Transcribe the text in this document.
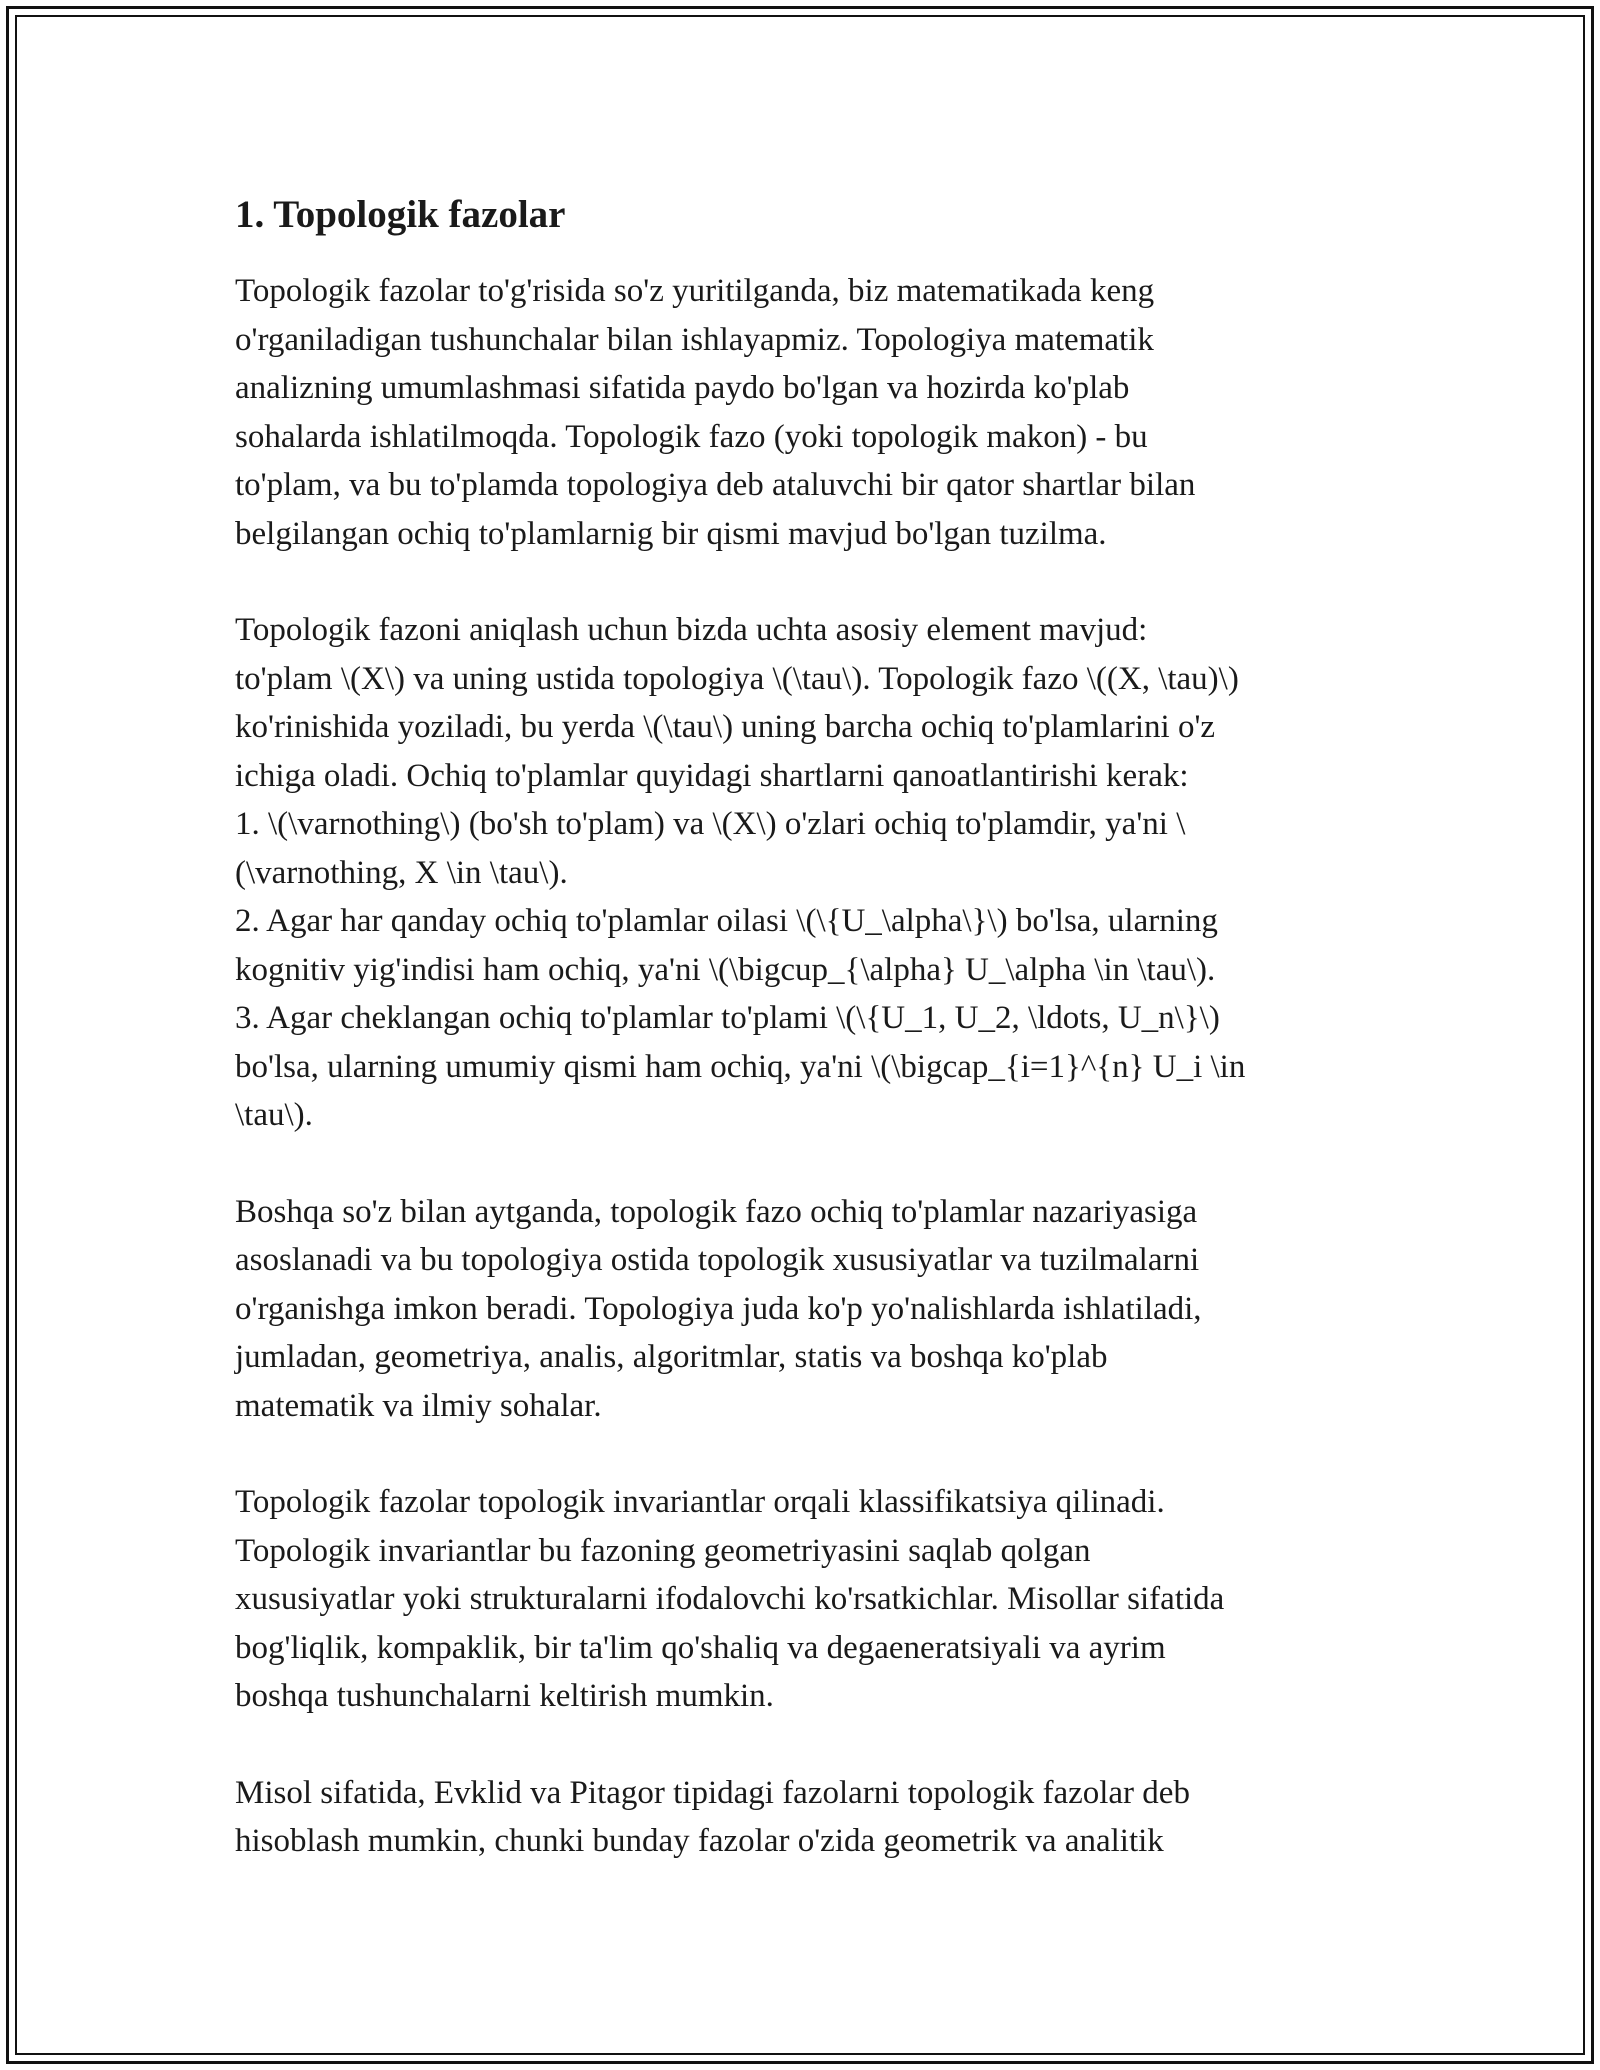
1. Topologik fazolar

Topologik fazolar to'g'risida so'z yuritilganda, biz matematikada keng
o'rganiladigan tushunchalar bilan ishlayapmiz. Topologiya matematik
analizning umumlashmasi sifatida paydo bo'lgan va hozirda ko'plab
sohalarda ishlatilmoqda. Topologik fazo (yoki topologik makon) - bu
to'plam, va bu to'plamda topologiya deb ataluvchi bir qator shartlar bilan
belgilangan ochiq to'plamlarnig bir qismi mavjud bo'lgan tuzilma.

Topologik fazoni aniqlash uchun bizda uchta asosiy element mavjud:
to'plam \(X\) va uning ustida topologiya \(\tau\). Topologik fazo \((X, \tau)\)
ko'rinishida yoziladi, bu yerda \(\tau\) uning barcha ochiq to'plamlarini o'z
ichiga oladi. Ochiq to'plamlar quyidagi shartlarni qanoatlantirishi kerak:
1. \(\varnothing\) (bo'sh to'plam) va \(X\) o'zlari ochiq to'plamdir, ya'ni \
(\varnothing, X \in \tau\).
2. Agar har qanday ochiq to'plamlar oilasi \(\{U_\alpha\}\) bo'lsa, ularning
kognitiv yig'indisi ham ochiq, ya'ni \(\bigcup_{\alpha} U_\alpha \in \tau\).
3. Agar cheklangan ochiq to'plamlar to'plami \(\{U_1, U_2, \ldots, U_n\}\)
bo'lsa, ularning umumiy qismi ham ochiq, ya'ni \(\bigcap_{i=1}^{n} U_i \in
\tau\).

Boshqa so'z bilan aytganda, topologik fazo ochiq to'plamlar nazariyasiga
asoslanadi va bu topologiya ostida topologik xususiyatlar va tuzilmalarni
o'rganishga imkon beradi. Topologiya juda ko'p yo'nalishlarda ishlatiladi,
jumladan, geometriya, analis, algoritmlar, statis va boshqa ko'plab
matematik va ilmiy sohalar.

Topologik fazolar topologik invariantlar orqali klassifikatsiya qilinadi.
Topologik invariantlar bu fazoning geometriyasini saqlab qolgan
xususiyatlar yoki strukturalarni ifodalovchi ko'rsatkichlar. Misollar sifatida
bog'liqlik, kompaklik, bir ta'lim qo'shaliq va degaeneratsiyali va ayrim
boshqa tushunchalarni keltirish mumkin.

Misol sifatida, Evklid va Pitagor tipidagi fazolarni topologik fazolar deb
hisoblash mumkin, chunki bunday fazolar o'zida geometrik va analitik
